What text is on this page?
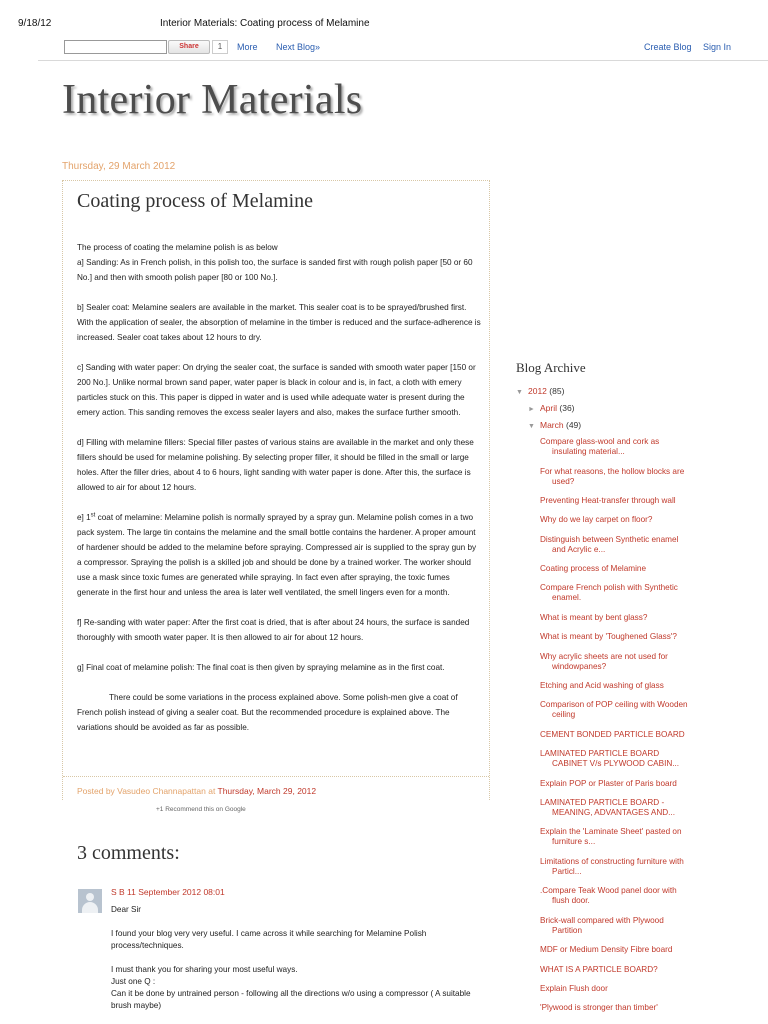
9/18/12	Interior Materials: Coating process of Melamine
Share	1	More Next Blog»	Create Blog Sign In
Interior Materials
Thursday, 29 March 2012
Coating process of Melamine

The process of coating the melamine polish is as below

a] Sanding: As in French polish, in this polish too, the surface is sanded first with rough polish paper [50 or 60 No.] and then with smooth polish paper [80 or 100 No.].

b] Sealer coat: Melamine sealers are available in the market. This sealer coat is to be sprayed/brushed first. With the application of sealer, the absorption of melamine in the timber is reduced and the surface-adherence is increased. Sealer coat takes about 12 hours to dry.

c] Sanding with water paper: On drying the sealer coat, the surface is sanded with smooth water paper [150 or 200 No.]. Unlike normal brown sand paper, water paper is black in colour and is, in fact, a cloth with emery particles stuck on this. This paper is dipped in water and is used while adequate water is present during the emery action. This sanding removes the excess sealer layers and also, makes the surface further smooth.

d] Filling with melamine fillers: Special filler pastes of various stains are available in the market and only these fillers should be used for melamine polishing. By selecting proper filler, it should be filled in the small or large holes. After the filler dries, about 4 to 6 hours, light sanding with water paper is done. After this, the surface is allowed to air for about 12 hours.

e] 1st coat of melamine: Melamine polish is normally sprayed by a spray gun. Melamine polish comes in a two pack system. The large tin contains the melamine and the small bottle contains the hardener. A proper amount of hardener should be added to the melamine before spraying. Compressed air is supplied to the spray gun by a compressor. Spraying the polish is a skilled job and should be done by a trained worker. The worker should use a mask since toxic fumes are generated while spraying. In fact even after spraying, the toxic fumes generate in the first hour and unless the area is later well ventilated, the smell lingers even for a month.

f] Re-sanding with water paper: After the first coat is dried, that is after about 24 hours, the surface is sanded thoroughly with smooth water paper. It is then allowed to air for about 12 hours.

g] Final coat of melamine polish: The final coat is then given by spraying melamine as in the first coat.

There could be some variations in the process explained above. Some polish-men give a coat of French polish instead of giving a sealer coat. But the recommended procedure is explained above. The variations should be avoided as far as possible.

Posted by Vasudeo Channapattan at Thursday, March 29, 2012
+1 Recommend this on Google
3 comments:
S B 11 September 2012 08:01

Dear Sir

I found your blog very very useful. I came across it while searching for Melamine Polish process/techniques.

I must thank you for sharing your most useful ways.

Just one Q :

Can it be done by untrained person - following all the directions w/o using a compressor ( A suitable brush maybe)

Blog Archive
▼ 2012 (85)
► April (36)
▼ March (49)
Compare glass-wool and cork as
insulating material...
For what reasons, the hollow blocks are
used?
Preventing Heat-transfer through wall
Why do we lay carpet on floor?
Distinguish between Synthetic enamel
and Acrylic e...
Coating process of Melamine
Compare French polish with Synthetic
enamel.
What is meant by bent glass?
What is meant by 'Toughened Glass'?
Why acrylic sheets are not used for
windowpanes?
Etching and Acid washing of glass
Comparison of POP ceiling with Wooden
ceiling
CEMENT BONDED PARTICLE BOARD
LAMINATED PARTICLE BOARD
CABINET V/s PLYWOOD CABIN...
Explain POP or Plaster of Paris board
LAMINATED PARTICLE BOARD -
MEANING, ADVANTAGES AND...
Explain the 'Laminate Sheet' pasted on
furniture s...
Limitations of constructing furniture with
Particl...
.Compare Teak Wood panel door with
flush door.
Brick-wall compared with Plywood
Partition
MDF or Medium Density Fibre board
WHAT IS A PARTICLE BOARD?
Explain Flush door
'Plywood is stronger than timber'
